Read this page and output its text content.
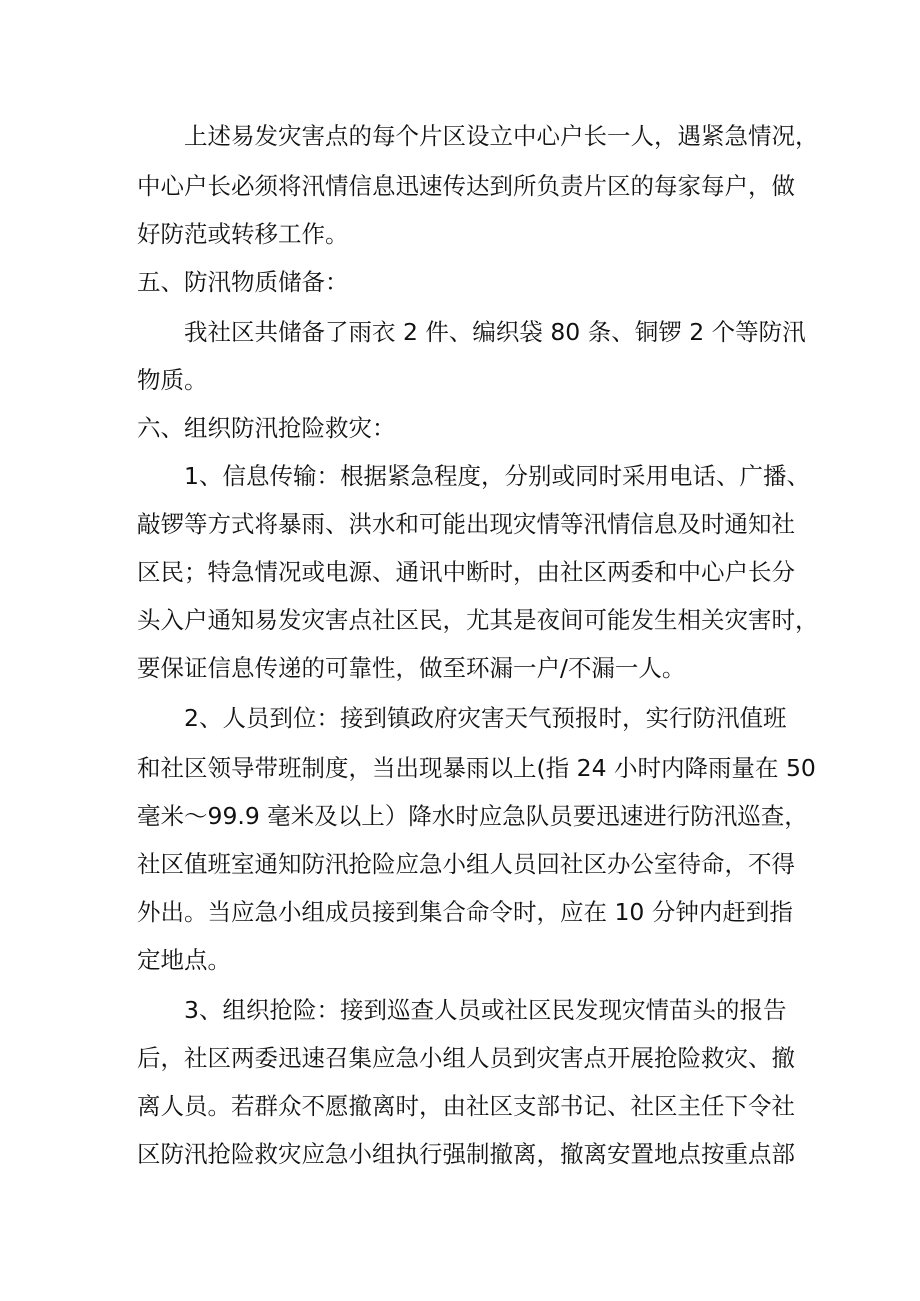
上述易发灾害点的每个片区设立中心户长一人，遇紧急情况，
中心户长必须将汛情信息迅速传达到所负责片区的每家每户，做
好防范或转移工作。
五、防汛物质储备：
我社区共储备了雨衣 2 件、编织袋 80 条、铜锣 2 个等防汛
物质。
六、组织防汛抢险救灾：
1、信息传输：根据紧急程度，分别或同时采用电话、广播、
敲锣等方式将暴雨、洪水和可能出现灾情等汛情信息及时通知社
区民；特急情况或电源、通讯中断时，由社区两委和中心户长分
头入户通知易发灾害点社区民，尤其是夜间可能发生相关灾害时，
要保证信息传递的可靠性，做至环漏一户/不漏一人。
2、人员到位：接到镇政府灾害天气预报时，实行防汛值班
和社区领导带班制度，当出现暴雨以上(指 24 小时内降雨量在 50
毫米〜99.9 毫米及以上）降水时应急队员要迅速进行防汛巡查，
社区值班室通知防汛抢险应急小组人员回社区办公室待命，不得
外出。当应急小组成员接到集合命令时，应在 10 分钟内赶到指
定地点。
3、组织抢险：接到巡查人员或社区民发现灾情苗头的报告
后，社区两委迅速召集应急小组人员到灾害点开展抢险救灾、撤
离人员。若群众不愿撤离时，由社区支部书记、社区主任下令社
区防汛抢险救灾应急小组执行强制撤离，撤离安置地点按重点部
